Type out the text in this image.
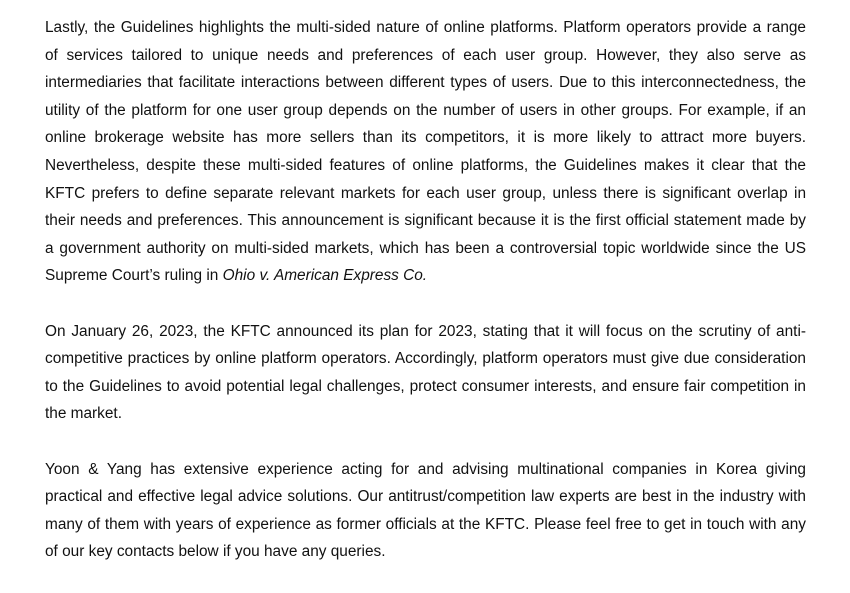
Lastly, the Guidelines highlights the multi-sided nature of online platforms. Platform operators provide a range of services tailored to unique needs and preferences of each user group. However, they also serve as intermediaries that facilitate interactions between different types of users. Due to this interconnectedness, the utility of the platform for one user group depends on the number of users in other groups. For example, if an online brokerage website has more sellers than its competitors, it is more likely to attract more buyers. Nevertheless, despite these multi-sided features of online platforms, the Guidelines makes it clear that the KFTC prefers to define separate relevant markets for each user group, unless there is significant overlap in their needs and preferences. This announcement is significant because it is the first official statement made by a government authority on multi-sided markets, which has been a controversial topic worldwide since the US Supreme Court’s ruling in Ohio v. American Express Co.

On January 26, 2023, the KFTC announced its plan for 2023, stating that it will focus on the scrutiny of anti-competitive practices by online platform operators. Accordingly, platform operators must give due consideration to the Guidelines to avoid potential legal challenges, protect consumer interests, and ensure fair competition in the market.

Yoon & Yang has extensive experience acting for and advising multinational companies in Korea giving practical and effective legal advice solutions. Our antitrust/competition law experts are best in the industry with many of them with years of experience as former officials at the KFTC. Please feel free to get in touch with any of our key contacts below if you have any queries.
